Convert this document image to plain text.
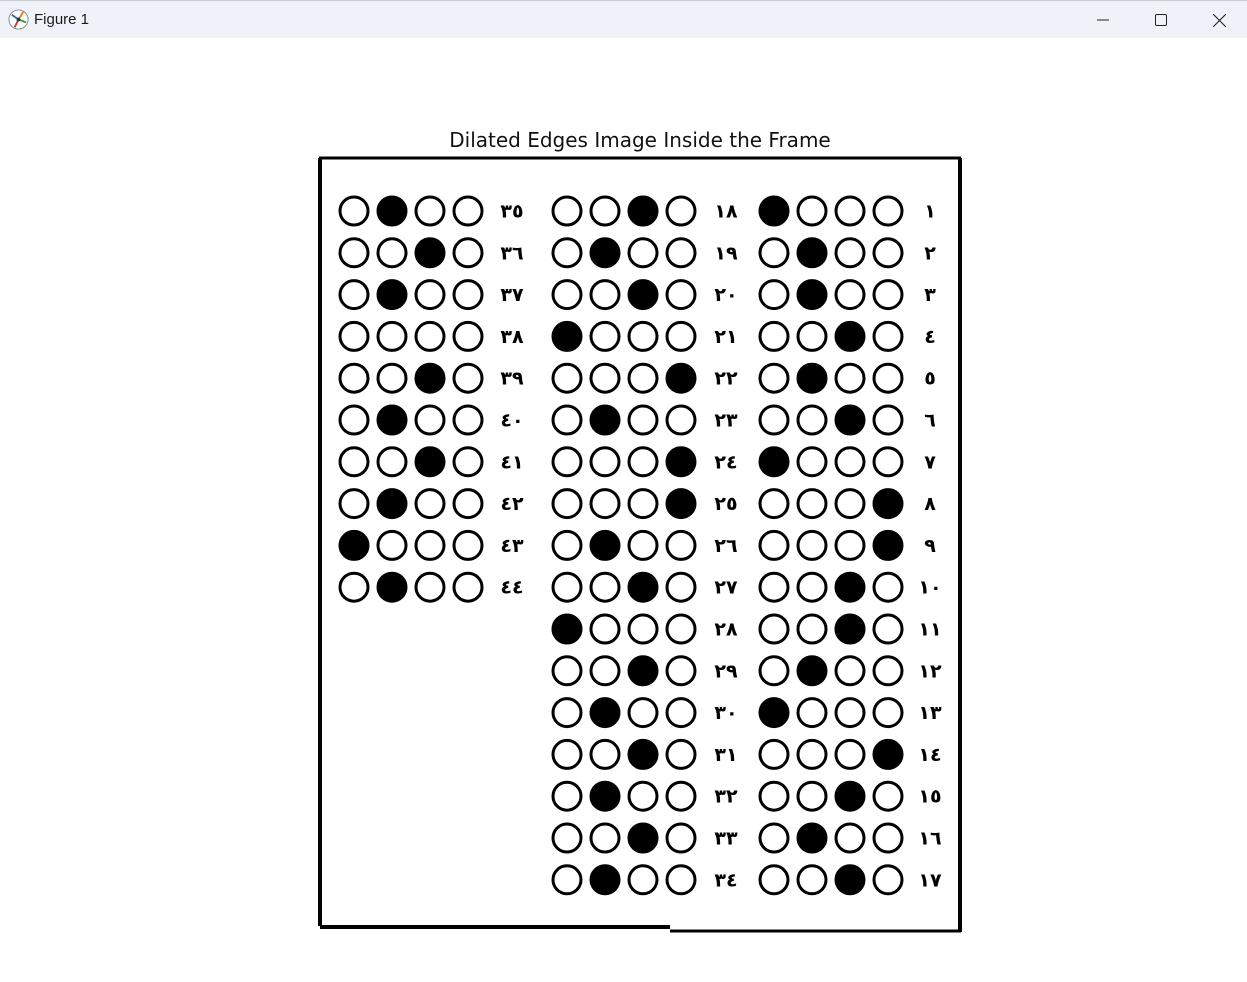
Figure 1
Dilated Edges Image Inside the Frame
١
٢
٣
٤
٥
٦
٧
٨
٩
١٠
١١
١٢
١٣
١٤
١٥
١٦
١٧
١٨
١٩
٢٠
٢١
٢٢
٢٣
٢٤
٢٥
٢٦
٢٧
٢٨
٢٩
٣٠
٣١
٣٢
٣٣
٣٤
٣٥
٣٦
٣٧
٣٨
٣٩
٤٠
٤١
٤٢
٤٣
٤٤
